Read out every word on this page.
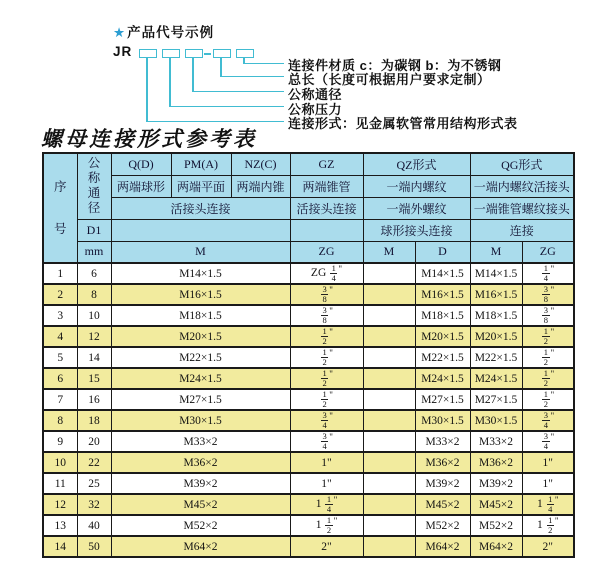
★产品代号示例
JR
连接件材质 c：为碳钢 b：为不锈钢
总长（长度可根据用户要求定制）
公称通径
公称压力
连接形式：见金属软管常用结构形式表
螺母连接形式参考表
序号	公称通径	Q(D)	PM(A)	NZ(C)	GZ	QZ形式		QG形式	
		两端球形	两端平面	两端内锥	两端锥管	一端内螺纹		一端内螺纹活接头	
		活接头连接			活接头连接	一端外螺纹		一端锥管螺纹接头	
	D1					球形接头连接		连接	
	mm	M			ZG	M	D	M	ZG
1	6	M14×1.5			ZG $\frac{1}{4} ^"$		M14×1.5	M14×1.5	$\frac{1}{4} ^"$
2	8	M16×1.5			$\frac{3}{8} ^"$		M16×1.5	M16×1.5	$\frac{3}{8} ^"$
3	10	M18×1.5			$\frac{3}{8} ^"$		M18×1.5	M18×1.5	$\frac{3}{8} ^"$
4	12	M20×1.5			$\frac{1}{2} ^"$		M20×1.5	M20×1.5	$\frac{1}{2} ^"$
5	14	M22×1.5			$\frac{1}{2} ^"$		M22×1.5	M22×1.5	$\frac{1}{2} ^"$
6	15	M24×1.5			$\frac{1}{2} ^"$		M24×1.5	M24×1.5	$\frac{1}{2} ^"$
7	16	M27×1.5			$\frac{1}{2} ^"$		M27×1.5	M27×1.5	$\frac{1}{2} ^"$
8	18	M30×1.5			$\frac{3}{4} ^"$		M30×1.5	M30×1.5	$\frac{3}{4} ^"$
9	20	M33×2			$\frac{3}{4} ^"$		M33×2	M33×2	$\frac{3}{4} ^"$
10	22	M36×2			1"		M36×2	M36×2	1"
11	25	M39×2			1"		M39×2	M39×2	1"
12	32	M45×2			$1 \frac{1}{4} ^"$		M45×2	M45×2	$1 \frac{1}{4} ^"$
13	40	M52×2			$1 \frac{1}{2} ^"$		M52×2	M52×2	$1 \frac{1}{2} ^"$
14	50	M64×2			2"		M64×2	M64×2	2"
